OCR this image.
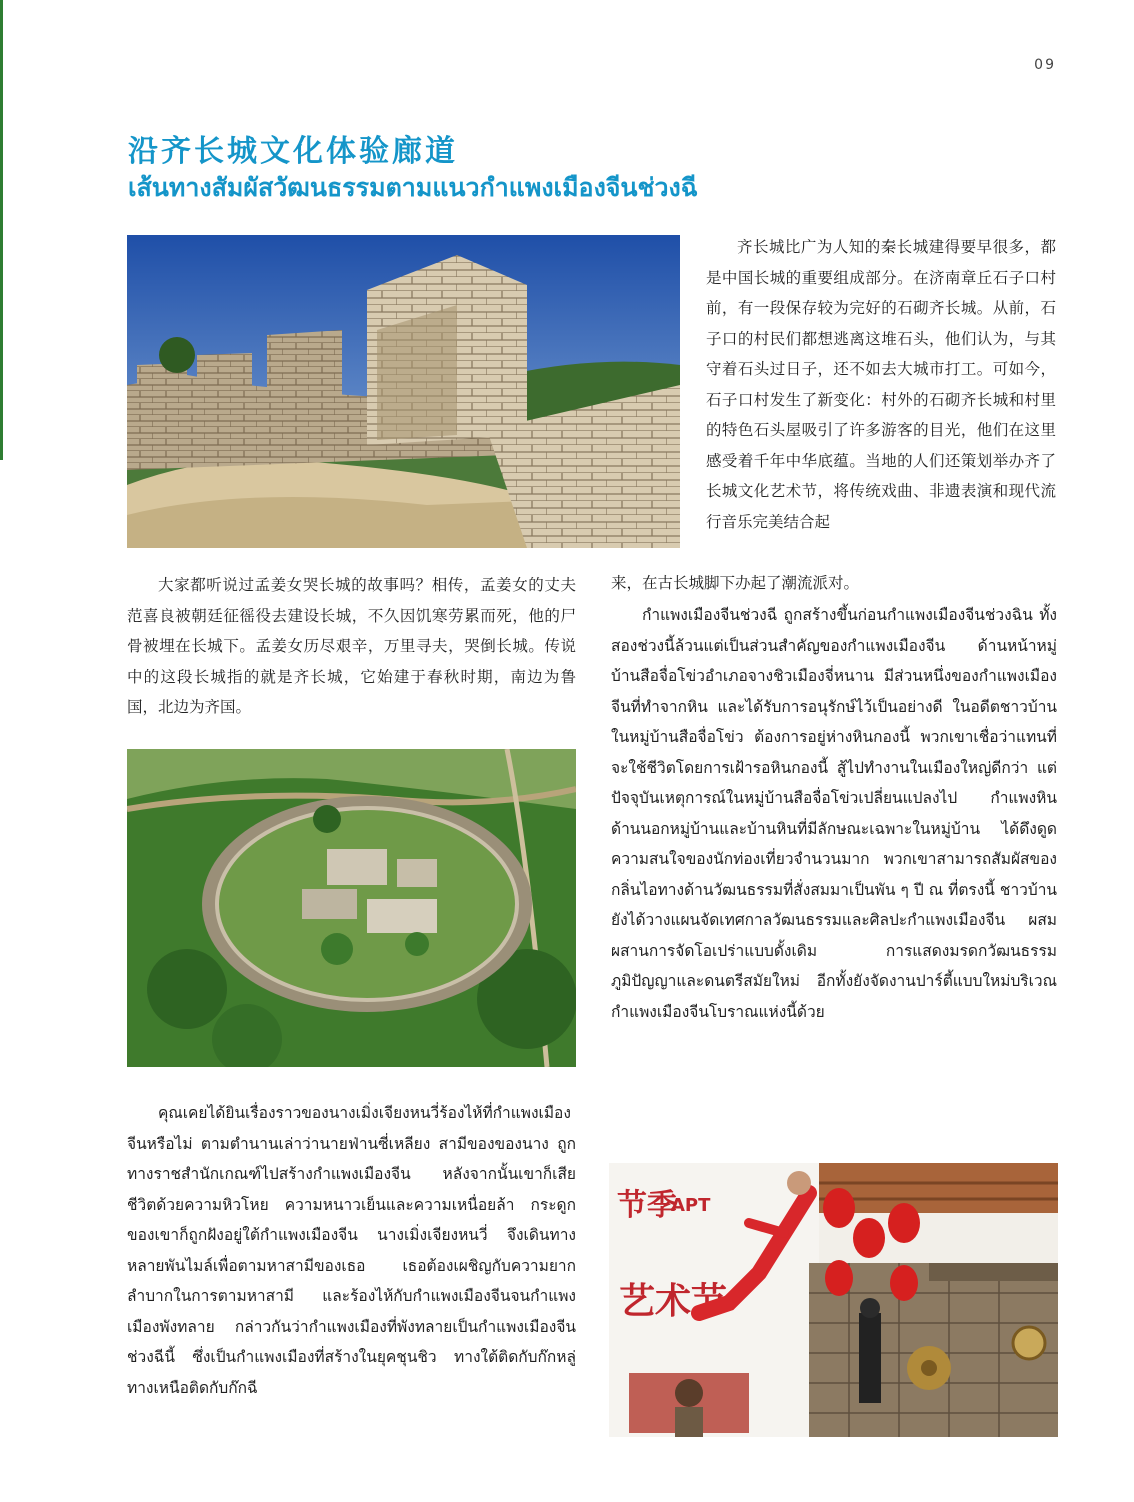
09
沿齐长城文化体验廊道
เส้นทางสัมผัสวัฒนธรรมตามแนวกำแพงเมืองจีนช่วงฉี

齐长城比广为人知的秦长城建得要早很多，都是中国长城的重要组成部分。在济南章丘石子口村前，有一段保存较为完好的石砌齐长城。从前，石子口的村民们都想逃离这堆石头，他们认为，与其守着石头过日子，还不如去大城市打工。可如今，石子口村发生了新变化：村外的石砌齐长城和村里的特色石头屋吸引了许多游客的目光，他们在这里感受着千年中华底蕴。当地的人们还策划举办齐了长城文化艺术节，将传统戏曲、非遗表演和现代流行音乐完美结合起

来，在古长城脚下办起了潮流派对。

大家都听说过孟姜女哭长城的故事吗？相传，孟姜女的丈夫范喜良被朝廷征徭役去建设长城，不久因饥寒劳累而死，他的尸骨被埋在长城下。孟姜女历尽艰辛，万里寻夫，哭倒长城。传说中的这段长城指的就是齐长城，它始建于春秋时期，南边为鲁国，北边为齐国。

กำแพงเมืองจีนช่วงฉี ถูกสร้างขึ้นก่อนกำแพงเมืองจีนช่วงฉิน ทั้งสองช่วงนี้ล้วนแต่เป็นส่วนสำคัญของกำแพงเมืองจีน ด้านหน้าหมู่บ้านสือจื่อโข่วอำเภอจางชิวเมืองจี่หนาน มีส่วนหนึ่งของกำแพงเมืองจีนที่ทำจากหิน และได้รับการอนุรักษ์ไว้เป็นอย่างดี ในอดีตชาวบ้านในหมู่บ้านสือจื่อโข่ว ต้องการอยู่ห่างหินกองนี้ พวกเขาเชื่อว่าแทนที่จะใช้ชีวิตโดยการเฝ้ารอหินกองนี้ สู้ไปทำงานในเมืองใหญ่ดีกว่า แต่ปัจจุบันเหตุการณ์ในหมู่บ้านสือจื่อโข่วเปลี่ยนแปลงไป กำแพงหินด้านนอกหมู่บ้านและบ้านหินที่มีลักษณะเฉพาะในหมู่บ้าน ได้ดึงดูดความสนใจของนักท่องเที่ยวจำนวนมาก พวกเขาสามารถสัมผัสของกลิ่นไอทางด้านวัฒนธรรมที่สั่งสมมาเป็นพัน ๆ ปี ณ ที่ตรงนี้ ชาวบ้านยังได้วางแผนจัดเทศกาลวัฒนธรรมและศิลปะกำแพงเมืองจีน ผสมผสานการจัดโอเปร่าแบบดั้งเดิม การแสดงมรดกวัฒนธรรมภูมิปัญญาและดนตรีสมัยใหม่ อีกทั้งยังจัดงานปาร์ตี้แบบใหม่บริเวณกำแพงเมืองจีนโบราณแห่งนี้ด้วย

คุณเคยได้ยินเรื่องราวของนางเมิ่งเจียงหนวี่ร้องไห้ที่กำแพงเมืองจีนหรือไม่ ตามตำนานเล่าว่านายฟ่านซี่เหลียง สามีของของนาง ถูกทางราชสำนักเกณฑ์ไปสร้างกำแพงเมืองจีน หลังจากนั้นเขาก็เสียชีวิตด้วยความหิวโหย ความหนาวเย็นและความเหนื่อยล้า กระดูกของเขาก็ถูกฝังอยู่ใต้กำแพงเมืองจีน นางเมิ่งเจียงหนวี่ จึงเดินทางหลายพันไมล์เพื่อตามหาสามีของเธอ เธอต้องเผชิญกับความยากลำบากในการตามหาสามี และร้องไห้กับกำแพงเมืองจีนจนกำแพงเมืองพังทลาย กล่าวกันว่ากำแพงเมืองที่พังทลายเป็นกำแพงเมืองจีนช่วงฉีนี้ ซึ่งเป็นกำแพงเมืองที่สร้างในยุคชุนชิว ทางใต้ติดกับก๊กหลู่ ทางเหนือติดกับก๊กฉี

节季
APT
艺术节
